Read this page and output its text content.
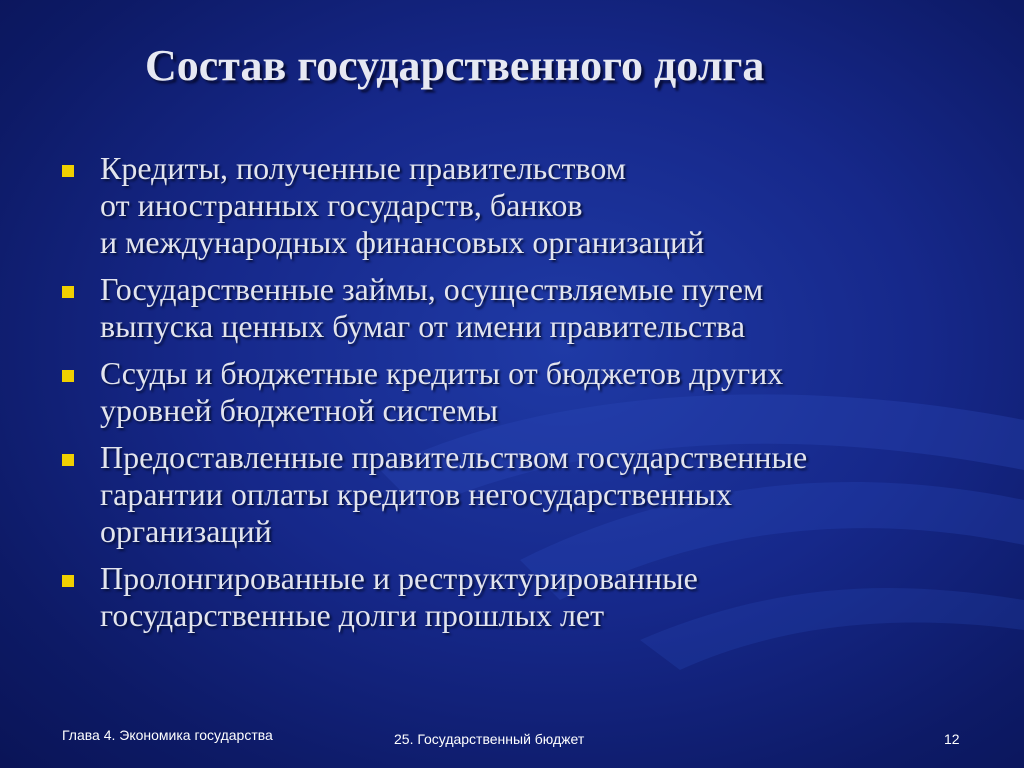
Состав государственного долга
Кредиты, полученные правительством
от иностранных государств, банков
и международных финансовых организаций
Государственные займы, осуществляемые путем
выпуска ценных бумаг от имени правительства
Ссуды и бюджетные кредиты от бюджетов других
уровней бюджетной системы
Предоставленные правительством государственные
гарантии оплаты кредитов негосударственных
организаций
Пролонгированные и реструктурированные
государственные долги прошлых лет
Глава 4. Экономика государства	25. Государственный бюджет	12
